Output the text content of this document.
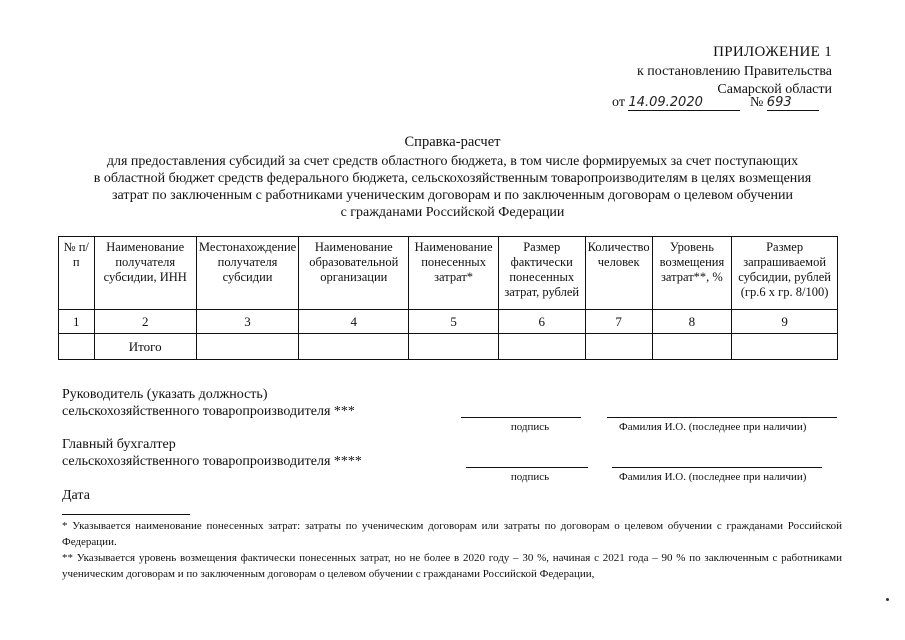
ПРИЛОЖЕНИЕ 1
к постановлению Правительства
Самарской области
от 14.09.2020	№ 693
Справка-расчет
для предоставления субсидий за счет средств областного бюджета, в том числе формируемых за счет поступающих
в областной бюджет средств федерального бюджета, сельскохозяйственным товаропроизводителям в целях возмещения
затрат по заключенным с работниками ученическим договорам и по заключенным договорам о целевом обучении
с гражданами Российской Федерации
№ п/п	Наименование получателя субсидии, ИНН	Местонахождение получателя субсидии	Наименование образовательной организации	Наименование понесенных затрат*	Размер фактически понесенных затрат, рублей	Количество человек	Уровень возмещения затрат**, %	Размер запрашиваемой субсидии, рублей (гр.6 х гр. 8/100)
1	2	3	4	5	6	7	8	9
	Итого							
Руководитель (указать должность)
сельскохозяйственного товаропроизводителя ***
подпись	Фамилия И.О. (последнее при наличии)
Главный бухгалтер
сельскохозяйственного товаропроизводителя ****
подпись	Фамилия И.О. (последнее при наличии)
Дата
* Указывается наименование понесенных затрат: затраты по ученическим договорам или затраты по договорам о целевом обучении с гражданами Российской Федерации.
** Указывается уровень возмещения фактически понесенных затрат, но не более в 2020 году – 30 %, начиная с 2021 года – 90 % по заключенным с работниками ученическим договорам и по заключенным договорам о целевом обучении с гражданами Российской Федерации,
